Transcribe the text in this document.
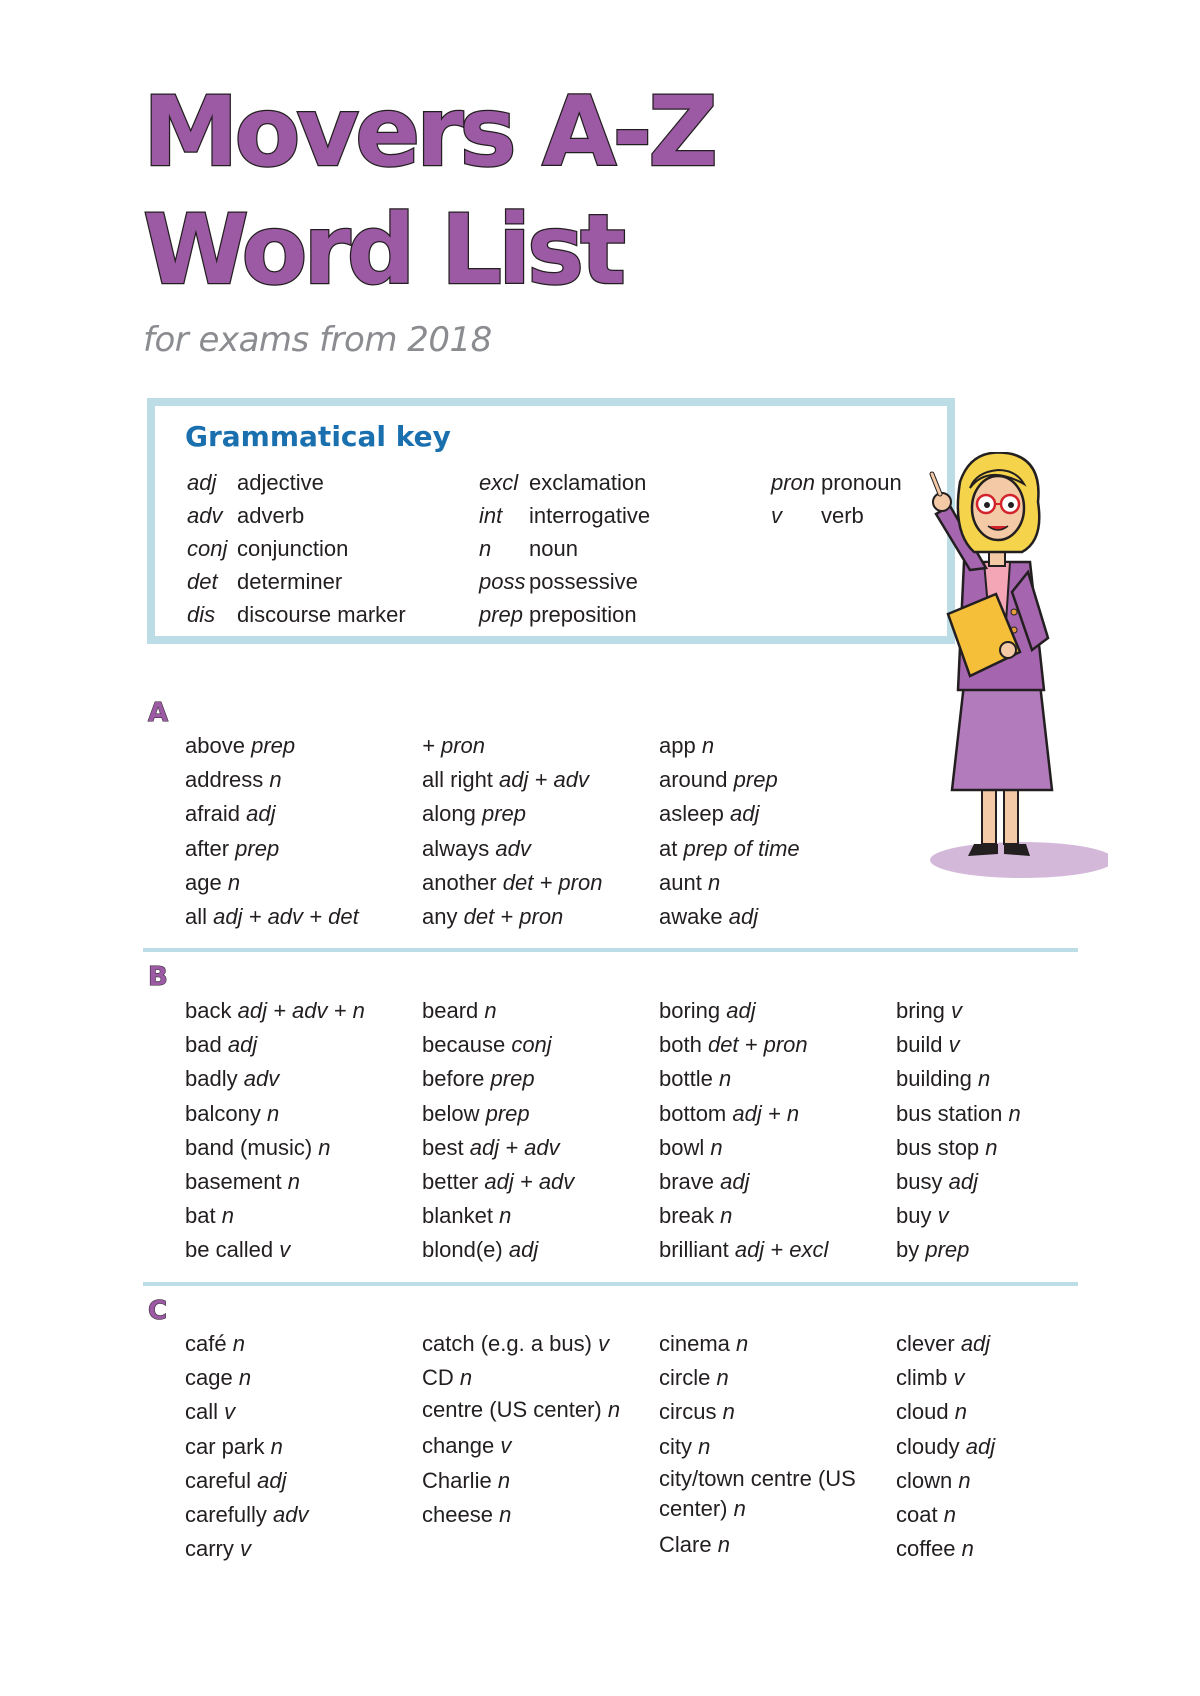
Movers A-Z
Word List
for exams from 2018
Grammatical key
adj adjective
adv adverb
conj conjunction
det determiner
dis discourse marker
excl exclamation
int	interrogative
n	noun
poss possessive
prep preposition
pron pronoun
v	verb
A
above prep
address n
afraid adj
after prep
age n
all adj + adv + det
+ pron
all right adj + adv
along prep
always adv
another det + pron
any det + pron
app n
around prep
asleep adj
at prep of time
aunt n
awake adj
B
back adj + adv + n
bad adj
badly adv
balcony n
band (music) n
basement n
bat n
be called v
beard n
because conj
before prep
below prep
best adj + adv
better adj + adv
blanket n
blond(e) adj
boring adj
both det + pron
bottle n
bottom adj + n
bowl n
brave adj
break n
brilliant adj + excl
bring v
build v
building n
bus station n
bus stop n
busy adj
buy v
by prep
C
café n
cage n
call v
car park n
careful adj
carefully adv
carry v
catch (e.g. a bus) v
CD n
centre (US center) n
change v
Charlie n
cheese n
cinema n
circle n
circus n
city n
city/town centre (US center) n
Clare n
clever adj
climb v
cloud n
cloudy adj
clown n
coat n
coffee n
